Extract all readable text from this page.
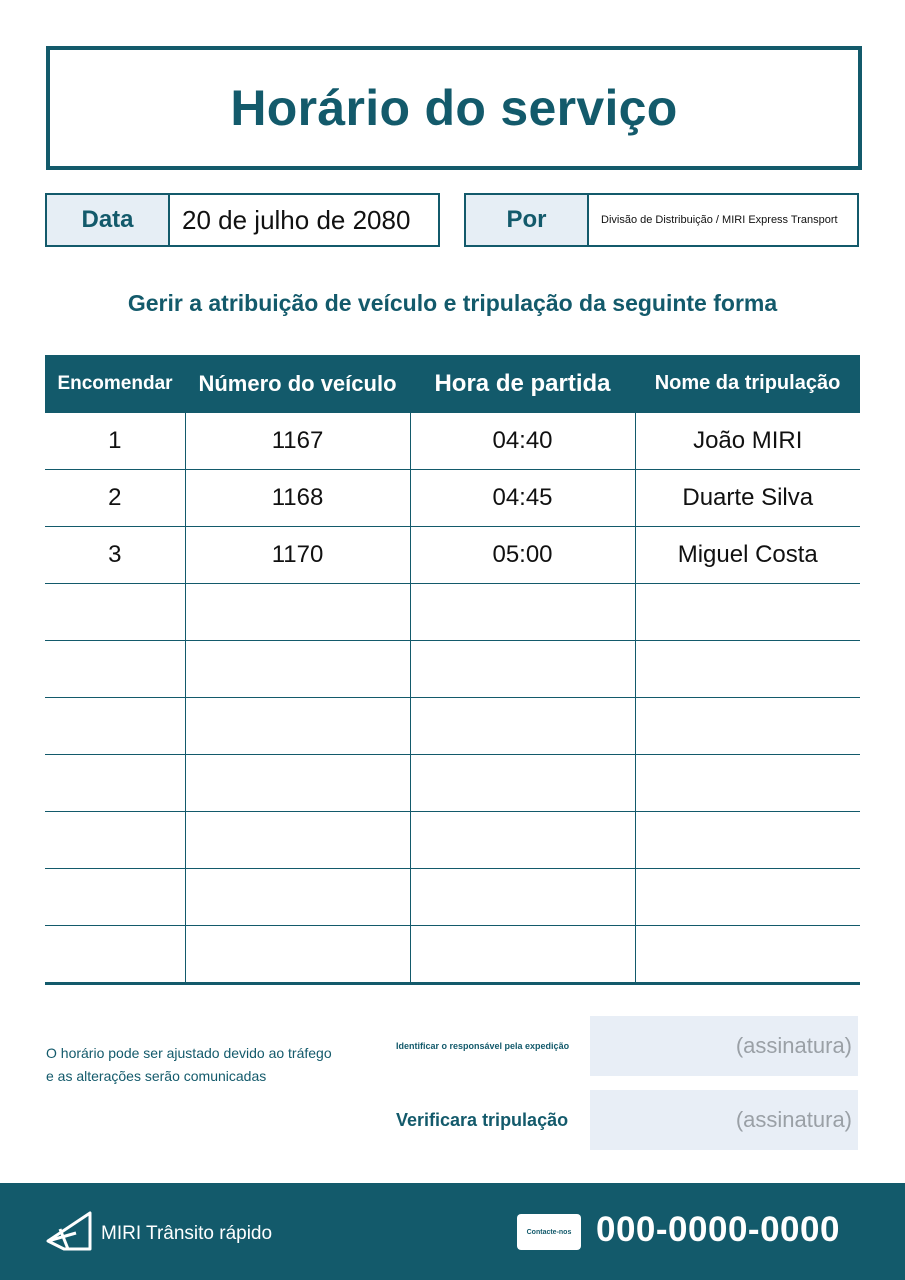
Horário do serviço
Data	20 de julho de 2080	Por	Divisão de Distribuição / MIRI Express Transport
Gerir a atribuição de veículo e tripulação da seguinte forma
Encomendar	Número do veículo	Hora de partida	Nome da tripulação
1	1167	04:40	João MIRI
2	1168	04:45	Duarte Silva
3	1170	05:00	Miguel Costa

O horário pode ser ajustado devido ao tráfego
e as alterações serão comunicadas
Identificar o responsável pela expedição	(assinatura)
Verificara tripulação	(assinatura)
MIRI Trânsito rápido	Contacte-nos 000-0000-0000
